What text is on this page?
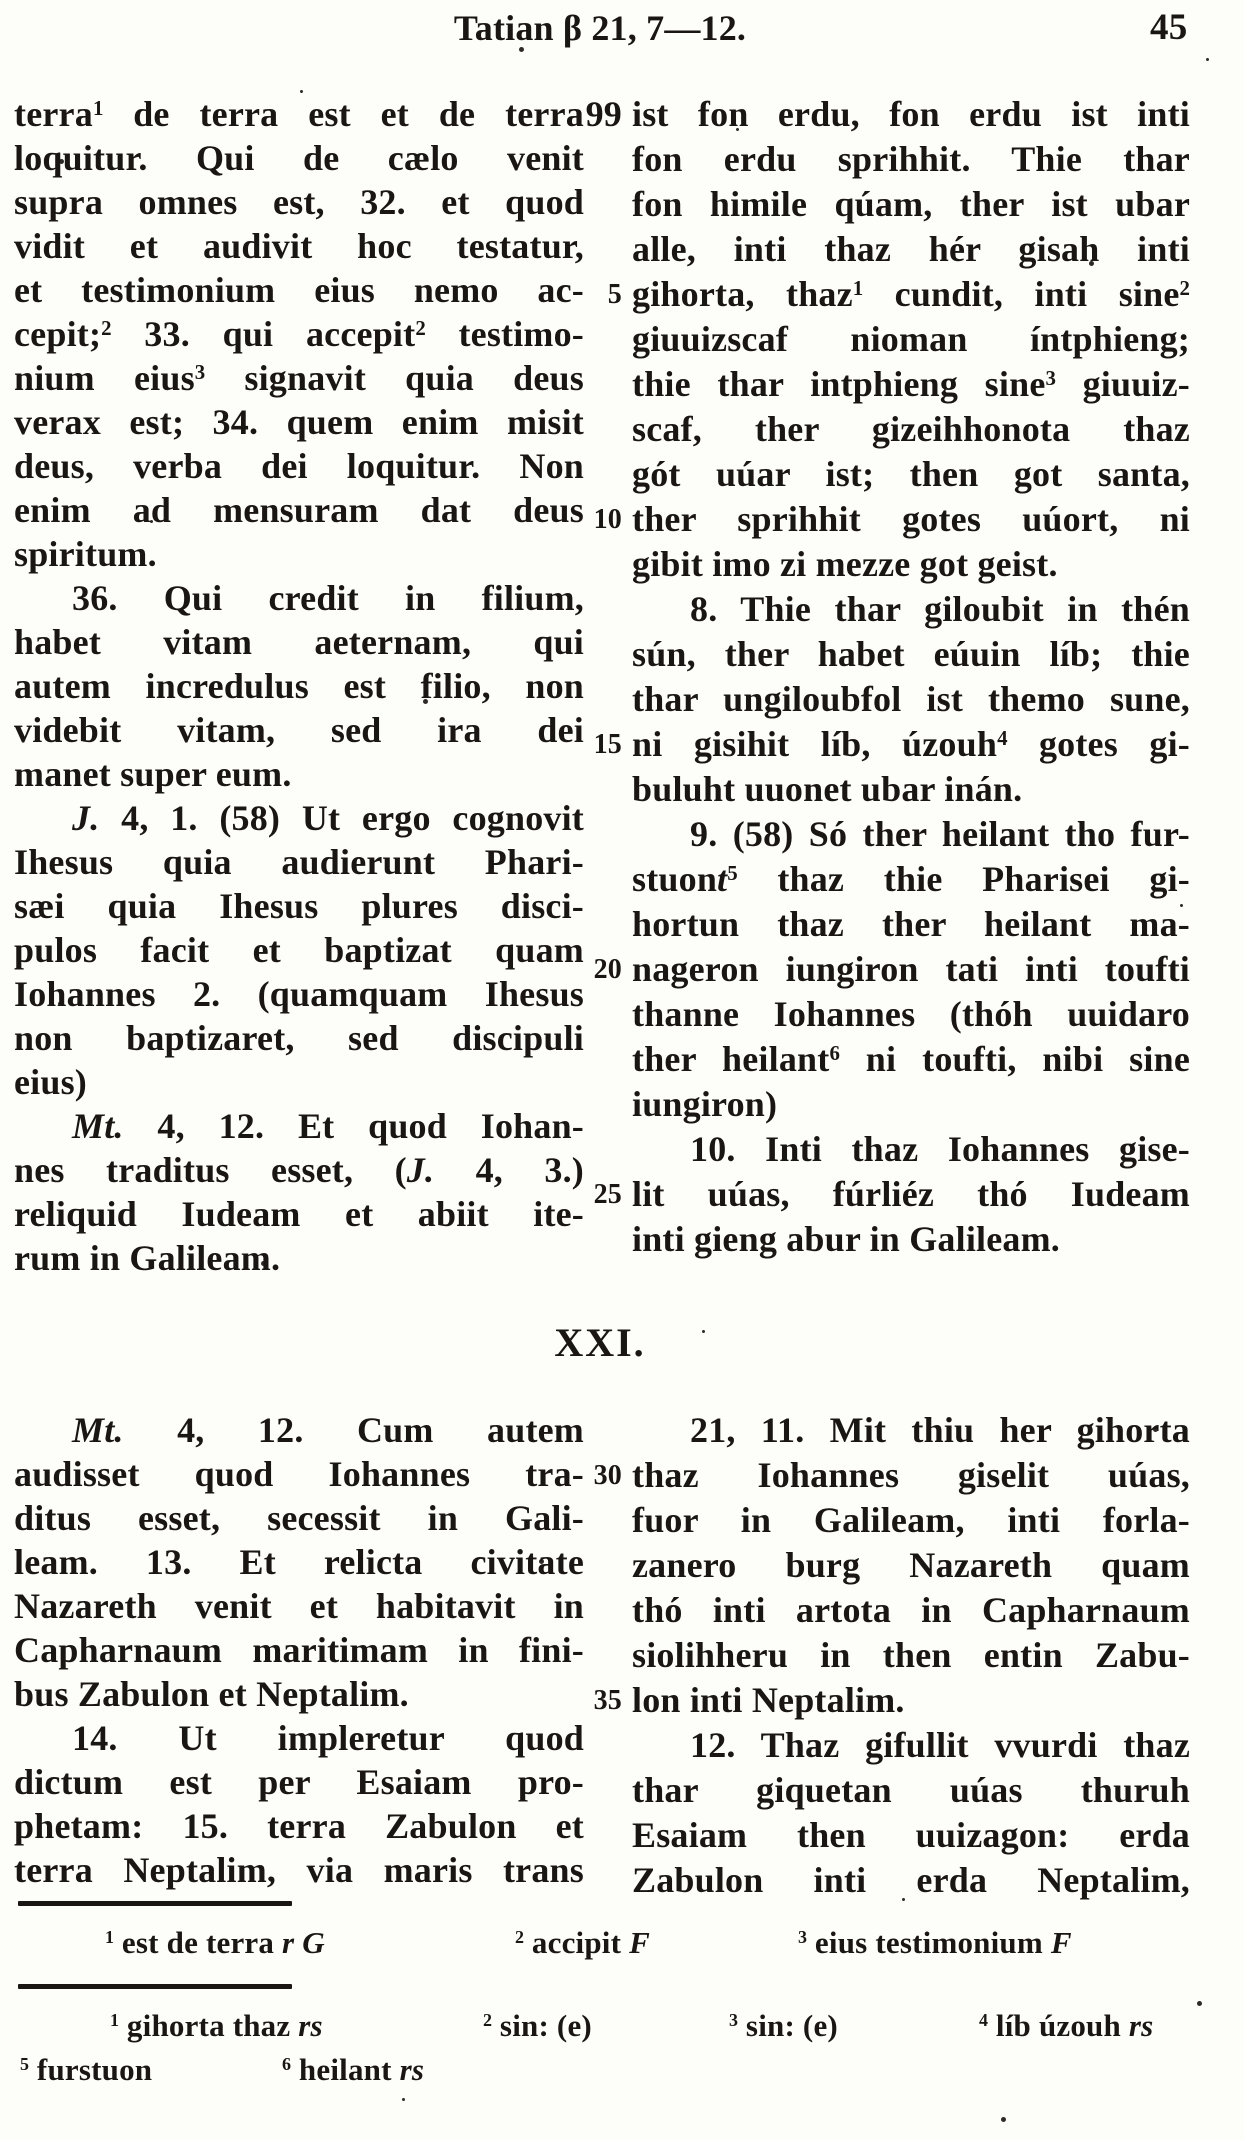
Tatian β 21, 7—12.	45
terra$^1$ de terra est et de terra
loquitur. Qui de cælo venit
supra omnes est, 32. et quod
vidit et audivit hoc testatur,
et testimonium eius nemo ac-
cepit;$^2$ 33. qui accepit$^2$ testimo-
nium eius$^3$ signavit quia deus
verax est; 34. quem enim misit
deus, verba dei loquitur. Non
enim ad mensuram dat deus
spiritum.
36. Qui credit in filium,
habet vitam aeternam, qui
autem incredulus est filio, non
videbit vitam, sed ira dei
manet super eum.
J. 4, 1. (58) Ut ergo cognovit
Ihesus quia audierunt Phari-
sæi quia Ihesus plures disci-
pulos facit et baptizat quam
Iohannes 2. (quamquam Ihesus
non baptizaret, sed discipuli
eius)
Mt. 4, 12. Et quod Iohan-
nes traditus esset, (J. 4, 3.)
reliquid Iudeam et abiit ite-
rum in Galileam.
ist fon erdu, fon erdu ist inti
fon erdu sprihhit. Thie thar
fon himile qúam, ther ist ubar
alle, inti thaz hér gisah inti
gihorta, thaz$^1$ cundit, inti sine$^2$
giuuizscaf nioman íntphieng;
thie thar intphieng sine$^3$ giuuiz-
scaf, ther gizeihhonota thaz
gót uúar ist; then got santa,
ther sprihhit gotes uúort, ni
gibit imo zi mezze got geist.
8. Thie thar giloubit in thén
sún, ther habet eúuin líb; thie
thar ungiloubfol ist themo sune,
ni gisihit líb, úzouh$^4$ gotes gi-
buluht uuonet ubar inán.
9. (58) Só ther heilant tho fur-
stuont$^5$ thaz thie Pharisei gi-
hortun thaz ther heilant ma-
nageron iungiron tati inti toufti
thanne Iohannes (thóh uuidaro
ther heilant$^6$ ni toufti, nibi sine
iungiron)
10. Inti thaz Iohannes gise-
lit uúas, fúrliéz thó Iudeam
inti gieng abur in Galileam.
99
5
10
15
20
25
XXI.
Mt. 4, 12. Cum autem
audisset quod Iohannes tra-
ditus esset, secessit in Gali-
leam. 13. Et relicta civitate
Nazareth venit et habitavit in
Capharnaum maritimam in fini-
bus Zabulon et Neptalim.
14. Ut impleretur quod
dictum est per Esaiam pro-
phetam: 15. terra Zabulon et
terra Neptalim, via maris trans
21, 11. Mit thiu her gihorta
thaz Iohannes giselit uúas,
fuor in Galileam, inti forla-
zanero burg Nazareth quam
thó inti artota in Capharnaum
siolihheru in then entin Zabu-
lon inti Neptalim.
12. Thaz gifullit vvurdi thaz
thar giquetan uúas thuruh
Esaiam then uuizagon: erda
Zabulon inti erda Neptalim,
30
35
$^1$ est de terra r G	$^2$ accipit F	$^3$ eius testimonium F
$^1$ gihorta thaz rs	$^2$ sin: (e)	$^3$ sin: (e)	$^4$ líb úzouh rs
$^5$ furstuon	$^6$ heilant rs
